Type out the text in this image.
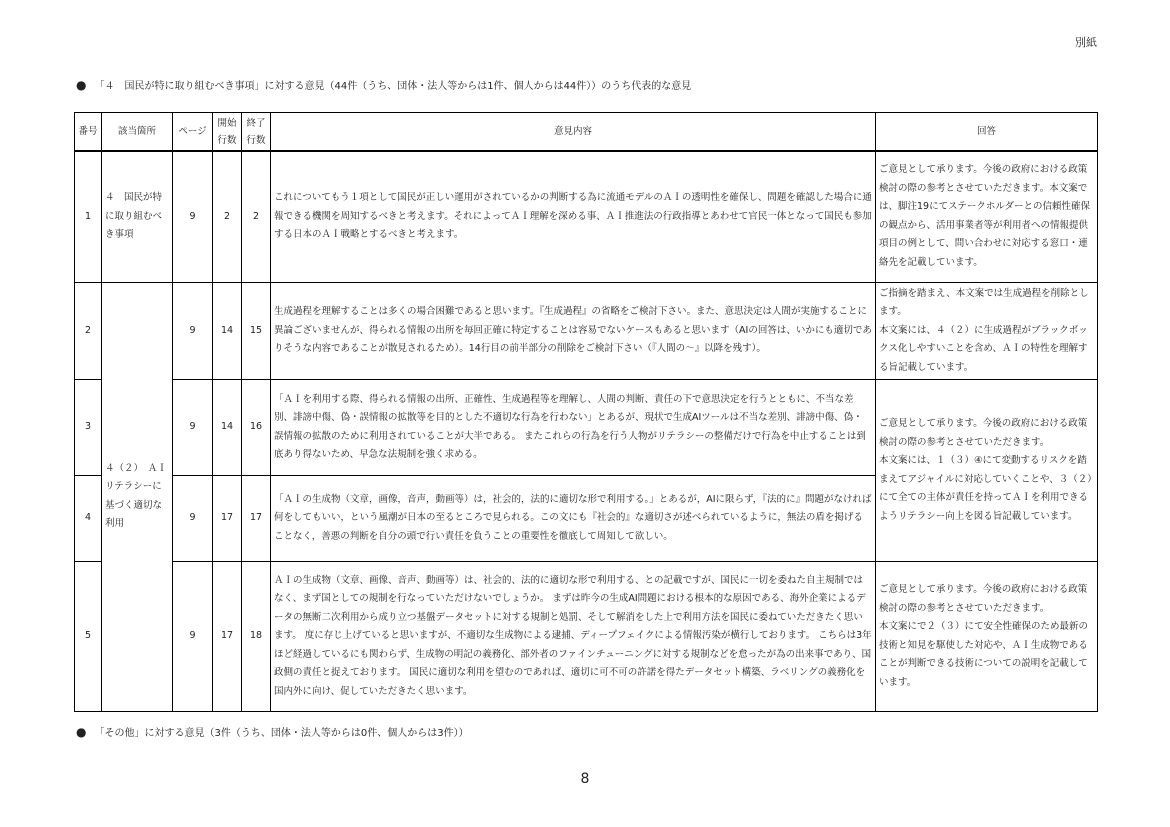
別紙
● 「４　国民が特に取り組むべき事項」に対する意見（44件（うち、団体・法人等からは1件、個人からは44件））のうち代表的な意見
番号	該当箇所	ページ	開始
行数	終了
行数	意見内容	回答
1	４　国民が特に取り組むべき事項	9	2	2	これについてもう１項として国民が正しい運用がされているかの判断する為に流通モデルのＡＩの透明性を確保し、問題を確認した場合に通報できる機関を周知するべきと考えます。それによってＡＩ理解を深める事、ＡＩ推進法の行政指導とあわせて官民一体となって国民も参加する日本のＡＩ戦略とするべきと考えます。	ご意見として承ります。今後の政府における政策検討の際の参考とさせていただきます。本文案では、脚注19にてステークホルダーとの信頼性確保の観点から、活用事業者等が利用者への情報提供項目の例として、問い合わせに対応する窓口・連絡先を記載しています。
2	４（２）　ＡＩリテラシーに基づく適切な利用	9	14	15	生成過程を理解することは多くの場合困難であると思います。『生成過程』の省略をご検討下さい。また、意思決定は人間が実施することに異論ございませんが、得られる情報の出所を毎回正確に特定することは容易でないケースもあると思います（AIの回答は、いかにも適切でありそうな内容であることが散見されるため）。14行目の前半部分の削除をご検討下さい（『人間の～』以降を残す）。	ご指摘を踏まえ、本文案では生成過程を削除とします。
本文案には、４（２）に生成過程がブラックボックス化しやすいことを含め、ＡＩの特性を理解する旨記載しています。
3		9	14	16	「ＡＩを利用する際、得られる情報の出所、正確性、生成過程等を理解し、人間の判断、責任の下で意思決定を行うとともに、不当な差別、誹謗中傷、偽・誤情報の拡散等を目的とした不適切な行為を行わない」とあるが、現状で生成AIツールは不当な差別、誹謗中傷、偽・誤情報の拡散のために利用されていることが大半である。 またこれらの行為を行う人物がリテラシーの整備だけで行為を中止することは到底あり得ないため、早急な法規制を強く求める。	ご意見として承ります。今後の政府における政策検討の際の参考とさせていただきます。
本文案には、１（３）④にて変動するリスクを踏まえてアジャイルに対応していくことや、３（２）にて全ての主体が責任を持ってＡＩを利用できるようリテラシー向上を図る旨記載しています。
4		9	17	17	「ＡＩの生成物（文章，画像，音声，動画等）は，社会的，法的に適切な形で利用する。」とあるが，AIに限らず，『法的に』問題がなければ何をしてもいい，という風潮が日本の至るところで見られる。この文にも『社会的』な適切さが述べられているように，無法の盾を掲げることなく，善悪の判断を自分の頭で行い責任を負うことの重要性を徹底して周知して欲しい。	
5		9	17	18	ＡＩの生成物（文章、画像、音声、動画等）は、社会的、法的に適切な形で利用する、との記載ですが、国民に一切を委ねた自主規制ではなく、まず国としての規制を行なっていただけないでしょうか。 まずは昨今の生成AI問題における根本的な原因である、海外企業によるデータの無断二次利用から成り立つ基盤データセットに対する規制と処罰、そして解消をした上で利用方法を国民に委ねていただきたく思います。 度に存じ上げていると思いますが、不適切な生成物による逮捕、ディープフェイクによる情報汚染が横行しております。 こちらは3年ほど経過しているにも関わらず、生成物の明記の義務化、部外者のファインチューニングに対する規制などを怠ったが為の出来事であり、国政側の責任と捉えております。 国民に適切な利用を望むのであれば、適切に可不可の許諾を得たデータセット構築、ラベリングの義務化を国内外に向け、促していただきたく思います。	ご意見として承ります。今後の政府における政策検討の際の参考とさせていただきます。
本文案にで２（３）にて安全性確保のため最新の技術と知見を駆使した対応や、ＡＩ生成物であることが判断できる技術についての説明を記載しています。
● 「その他」に対する意見（3件（うち、団体・法人等からは0件、個人からは3件））
8
